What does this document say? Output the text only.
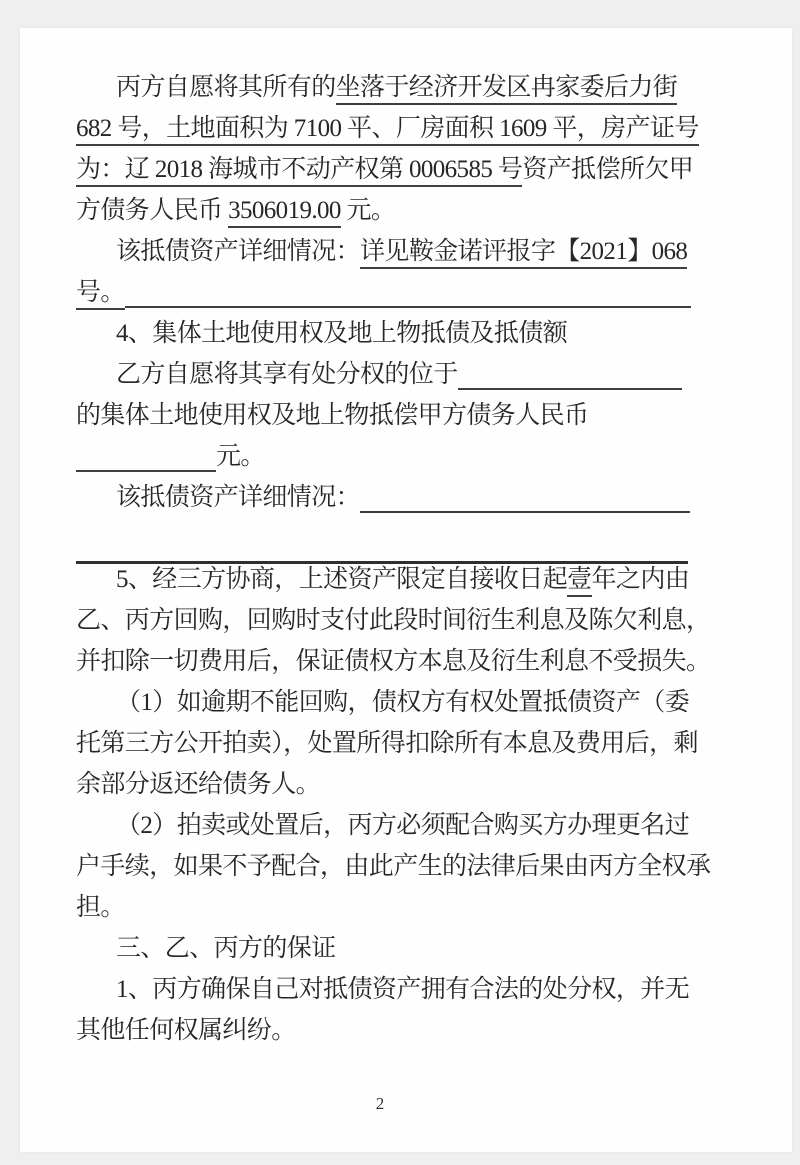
丙方自愿将其所有的坐落于经济开发区冉家委后力街
682 号，土地面积为 7100 平、厂房面积 1609 平，房产证号
为：辽 2018 海城市不动产权第 0006585 号资产抵偿所欠甲
方债务人民币 3506019.00 元。
该抵债资产详细情况：详见鞍金诺评报字【2021】068
号。
4、集体土地使用权及地上物抵债及抵债额
乙方自愿将其享有处分权的位于
的集体土地使用权及地上物抵偿甲方债务人民币
元。
该抵债资产详细情况：
5、经三方协商，上述资产限定自接收日起壹年之内由
乙、丙方回购，回购时支付此段时间衍生利息及陈欠利息，
并扣除一切费用后，保证债权方本息及衍生利息不受损失。
（1）如逾期不能回购，债权方有权处置抵债资产（委
托第三方公开拍卖），处置所得扣除所有本息及费用后，剩
余部分返还给债务人。
（2）拍卖或处置后，丙方必须配合购买方办理更名过
户手续，如果不予配合，由此产生的法律后果由丙方全权承
担。
三、乙、丙方的保证
1、丙方确保自己对抵债资产拥有合法的处分权，并无
其他任何权属纠纷。
2
